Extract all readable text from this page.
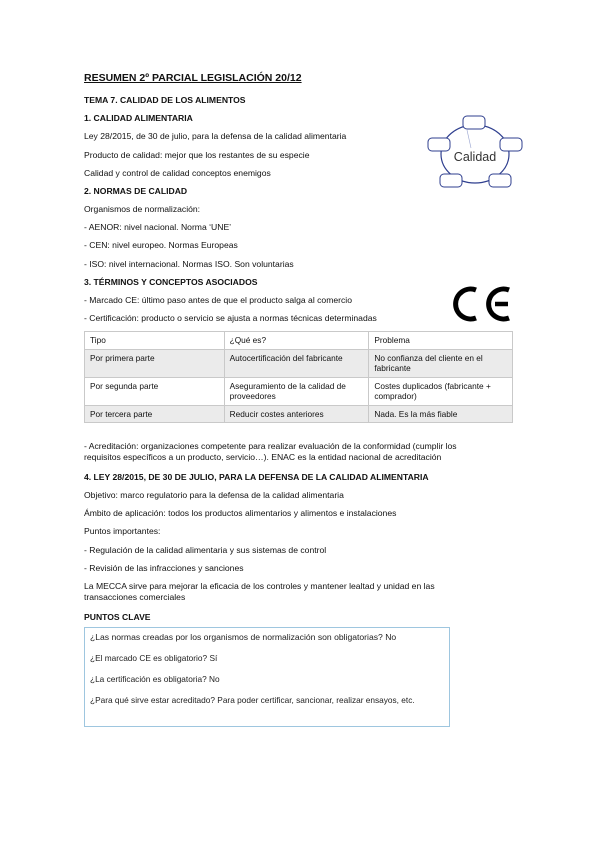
RESUMEN 2º PARCIAL LEGISLACIÓN 20/12
TEMA 7. CALIDAD DE LOS ALIMENTOS
1. CALIDAD ALIMENTARIA
Ley 28/2015, de 30 de julio, para la defensa de la calidad alimentaria
Producto de calidad: mejor que los restantes de su especie
Calidad y control de calidad conceptos enemigos
2. NORMAS DE CALIDAD
Organismos de normalización:
- AENOR: nivel nacional. Norma ‘UNE’
- CEN: nivel europeo. Normas Europeas
- ISO: nivel internacional. Normas ISO. Son voluntarias
3. TÉRMINOS Y CONCEPTOS ASOCIADOS
- Marcado CE: último paso antes de que el producto salga al comercio
- Certificación: producto o servicio se ajusta a normas técnicas determinadas
Calidad
Tipo	¿Qué es?	Problema
Por primera parte	Autocertificación del fabricante	No confianza del cliente en el fabricante
Por segunda parte	Aseguramiento de la calidad de proveedores	Costes duplicados (fabricante + comprador)
Por tercera parte	Reducir costes anteriores	Nada. Es la más fiable
- Acreditación: organizaciones competente para realizar evaluación de la conformidad (cumplir los
requisitos específicos a un producto, servicio…). ENAC es la entidad nacional de acreditación
4. LEY 28/2015, DE 30 DE JULIO, PARA LA DEFENSA DE LA CALIDAD ALIMENTARIA
Objetivo: marco regulatorio para la defensa de la calidad alimentaria
Ámbito de aplicación: todos los productos alimentarios y alimentos e instalaciones
Puntos importantes:
- Regulación de la calidad alimentaria y sus sistemas de control
- Revisión de las infracciones y sanciones
La MECCA sirve para mejorar la eficacia de los controles y mantener lealtad y unidad en las
transacciones comerciales
PUNTOS CLAVE
¿Las normas creadas por los organismos de normalización son obligatorias? No
¿El marcado CE es obligatorio? Sí
¿La certificación es obligatoria? No
¿Para qué sirve estar acreditado? Para poder certificar, sancionar, realizar ensayos, etc.
